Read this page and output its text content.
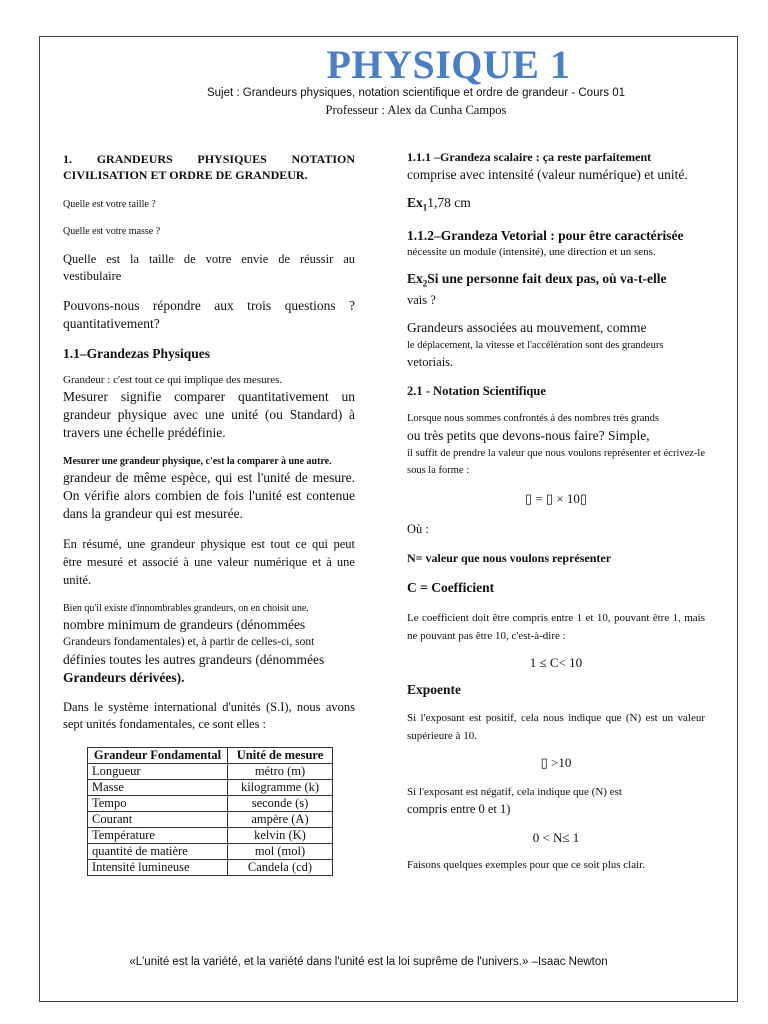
PHYSIQUE 1
Sujet : Grandeurs physiques, notation scientifique et ordre de grandeur - Cours 01
Professeur : Alex da Cunha Campos
1. GRANDEURS PHYSIQUES NOTATION CIVILISATION ET ORDRE DE GRANDEUR.
Quelle est votre taille ?
Quelle est votre masse ?
Quelle est la taille de votre envie de réussir au vestibulaire
Pouvons-nous répondre aux trois questions ? quantitativement?
1.1–Grandezas Physiques
Grandeur : c'est tout ce qui implique des mesures.
Mesurer signifie comparer quantitativement un grandeur physique avec une unité (ou Standard) à travers une échelle prédéfinie.
Mesurer une grandeur physique, c'est la comparer à une autre.
grandeur de même espèce, qui est l'unité de mesure. On vérifie alors combien de fois l'unité est contenue dans la grandeur qui est mesurée.
En résumé, une grandeur physique est tout ce qui peut être mesuré et associé à une valeur numérique et à une unité.
Bien qu'il existe d'innombrables grandeurs, on en choisit une.
nombre minimum de grandeurs (dénommées
Grandeurs fondamentales) et, à partir de celles-ci, sont
définies toutes les autres grandeurs (dénommées
Grandeurs dérivées).
Dans le système international d'unités (S.I), nous avons sept unités fondamentales, ce sont elles :
Grandeur Fondamental	Unité de mesure
Longueur	métro (m)
Masse	kilogramme (k)
Tempo	seconde (s)
Courant	ampère (A)
Température	kelvin (K)
quantité de matière	mol (mol)
Intensité lumineuse	Candela (cd)
1.1.1 –Grandeza scalaire : ça reste parfaitement
comprise avec intensité (valeur numérique) et unité.
$Ex_11,78$ cm
1.1.2–Grandeza Vetorial : pour être caractérisée
nécessite un module (intensité), une direction et un sens.
$Ex_2Si$ une personne fait deux pas, où va-t-elle
vais ?
Grandeurs associées au mouvement, comme
le déplacement, la vitesse et l'accélération sont des grandeurs
vetoriais.
2.1 - Notation Scientifique
Lorsque nous sommes confrontés à des nombres très grands
ou très petits que devons-nous faire? Simple,
il suffit de prendre la valeur que nous voulons représenter et écrivez-le sous la forme :
▯ = ▯ × 10▯
Où :
N= valeur que nous voulons représenter
C = Coefficient
Le coefficient doit être compris entre 1 et 10, pouvant être 1, mais ne pouvant pas être 10, c'est-à-dire :
1 ≤ C< 10
Expoente
Si l'exposant est positif, cela nous indique que (N) est un valeur supérieure à 10.
▯ >10
Si l'exposant est négatif, cela indique que (N) est
compris entre 0 et 1)
0 < N≤ 1
Faisons quelques exemples pour que ce soit plus clair.
«L'unité est la variété, et la variété dans l'unité est la loi suprême de l'univers.» –Isaac Newton
